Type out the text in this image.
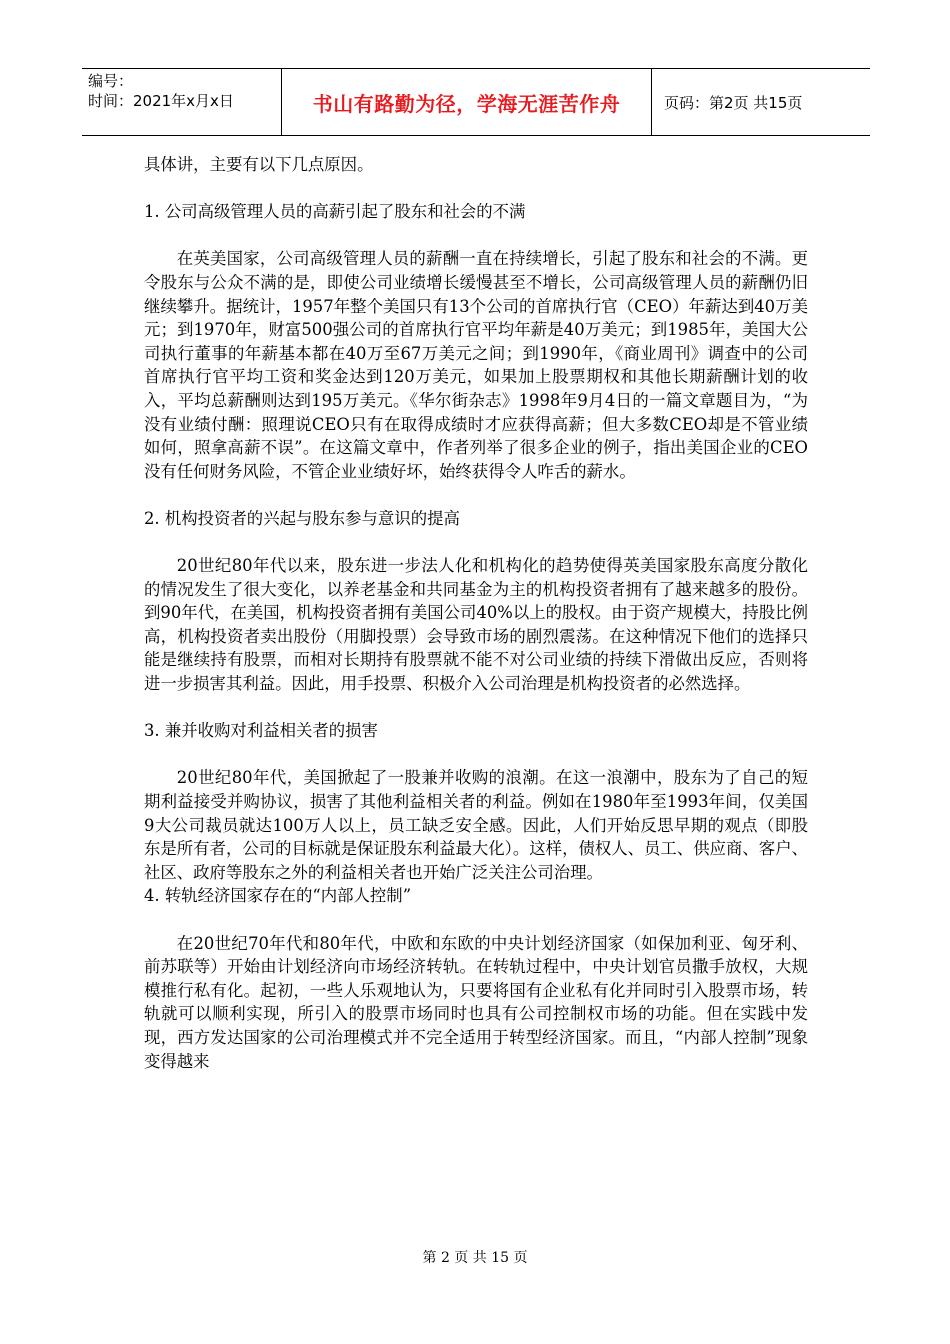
编号：
时间：2021年x月x日	书山有路勤为径，学海无涯苦作舟	页码：第2页 共15页

具体讲，主要有以下几点原因。

1. 公司高级管理人员的高薪引起了股东和社会的不满

在英美国家，公司高级管理人员的薪酬一直在持续增长，引起了股东和社会的不满。更令股东与公众不满的是，即使公司业绩增长缓慢甚至不增长，公司高级管理人员的薪酬仍旧继续攀升。据统计，1957年整个美国只有13个公司的首席执行官（CEO）年薪达到40万美元；到1970年，财富500强公司的首席执行官平均年薪是40万美元；到1985年，美国大公司执行董事的年薪基本都在40万至67万美元之间；到1990年，《商业周刊》调查中的公司首席执行官平均工资和奖金达到120万美元，如果加上股票期权和其他长期薪酬计划的收入，平均总薪酬则达到195万美元。《华尔街杂志》1998年9月4日的一篇文章题目为，“为没有业绩付酬：照理说CEO只有在取得成绩时才应获得高薪；但大多数CEO却是不管业绩如何，照拿高薪不误”。在这篇文章中，作者列举了很多企业的例子，指出美国企业的CEO没有任何财务风险，不管企业业绩好坏，始终获得令人咋舌的薪水。

2. 机构投资者的兴起与股东参与意识的提高

20世纪80年代以来，股东进一步法人化和机构化的趋势使得英美国家股东高度分散化的情况发生了很大变化，以养老基金和共同基金为主的机构投资者拥有了越来越多的股份。到90年代，在美国，机构投资者拥有美国公司40%以上的股权。由于资产规模大，持股比例高，机构投资者卖出股份（用脚投票）会导致市场的剧烈震荡。在这种情况下他们的选择只能是继续持有股票，而相对长期持有股票就不能不对公司业绩的持续下滑做出反应，否则将进一步损害其利益。因此，用手投票、积极介入公司治理是机构投资者的必然选择。

3. 兼并收购对利益相关者的损害

20世纪80年代，美国掀起了一股兼并收购的浪潮。在这一浪潮中，股东为了自己的短期利益接受并购协议，损害了其他利益相关者的利益。例如在1980年至1993年间，仅美国9大公司裁员就达100万人以上，员工缺乏安全感。因此，人们开始反思早期的观点（即股东是所有者，公司的目标就是保证股东利益最大化）。这样，债权人、员工、供应商、客户、社区、政府等股东之外的利益相关者也开始广泛关注公司治理。

4. 转轨经济国家存在的“内部人控制”

在20世纪70年代和80年代，中欧和东欧的中央计划经济国家（如保加利亚、匈牙利、前苏联等）开始由计划经济向市场经济转轨。在转轨过程中，中央计划官员撒手放权，大规模推行私有化。起初，一些人乐观地认为，只要将国有企业私有化并同时引入股票市场，转轨就可以顺利实现，所引入的股票市场同时也具有公司控制权市场的功能。但在实践中发现，西方发达国家的公司治理模式并不完全适用于转型经济国家。而且，“内部人控制”现象变得越来

第 2 页 共 15 页
